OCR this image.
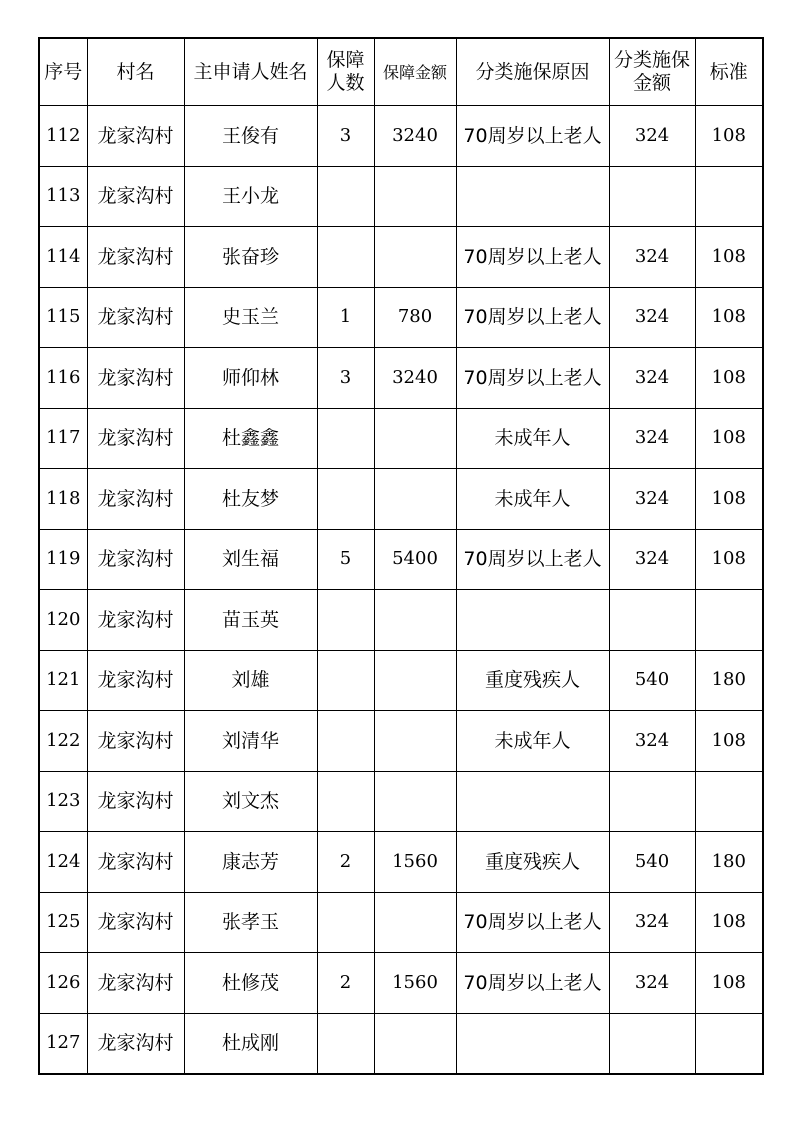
序号	村名	主申请人姓名	保障人数	保障金额	分类施保原因	分类施保金额	标准
112	龙家沟村	王俊有	3	3240	70周岁以上老人	324	108
113	龙家沟村	王小龙					
114	龙家沟村	张奋珍			70周岁以上老人	324	108
115	龙家沟村	史玉兰	1	780	70周岁以上老人	324	108
116	龙家沟村	师仰林	3	3240	70周岁以上老人	324	108
117	龙家沟村	杜鑫鑫			未成年人	324	108
118	龙家沟村	杜友梦			未成年人	324	108
119	龙家沟村	刘生福	5	5400	70周岁以上老人	324	108
120	龙家沟村	苗玉英					
121	龙家沟村	刘雄			重度残疾人	540	180
122	龙家沟村	刘清华			未成年人	324	108
123	龙家沟村	刘文杰					
124	龙家沟村	康志芳	2	1560	重度残疾人	540	180
125	龙家沟村	张孝玉			70周岁以上老人	324	108
126	龙家沟村	杜修茂	2	1560	70周岁以上老人	324	108
127	龙家沟村	杜成刚					
